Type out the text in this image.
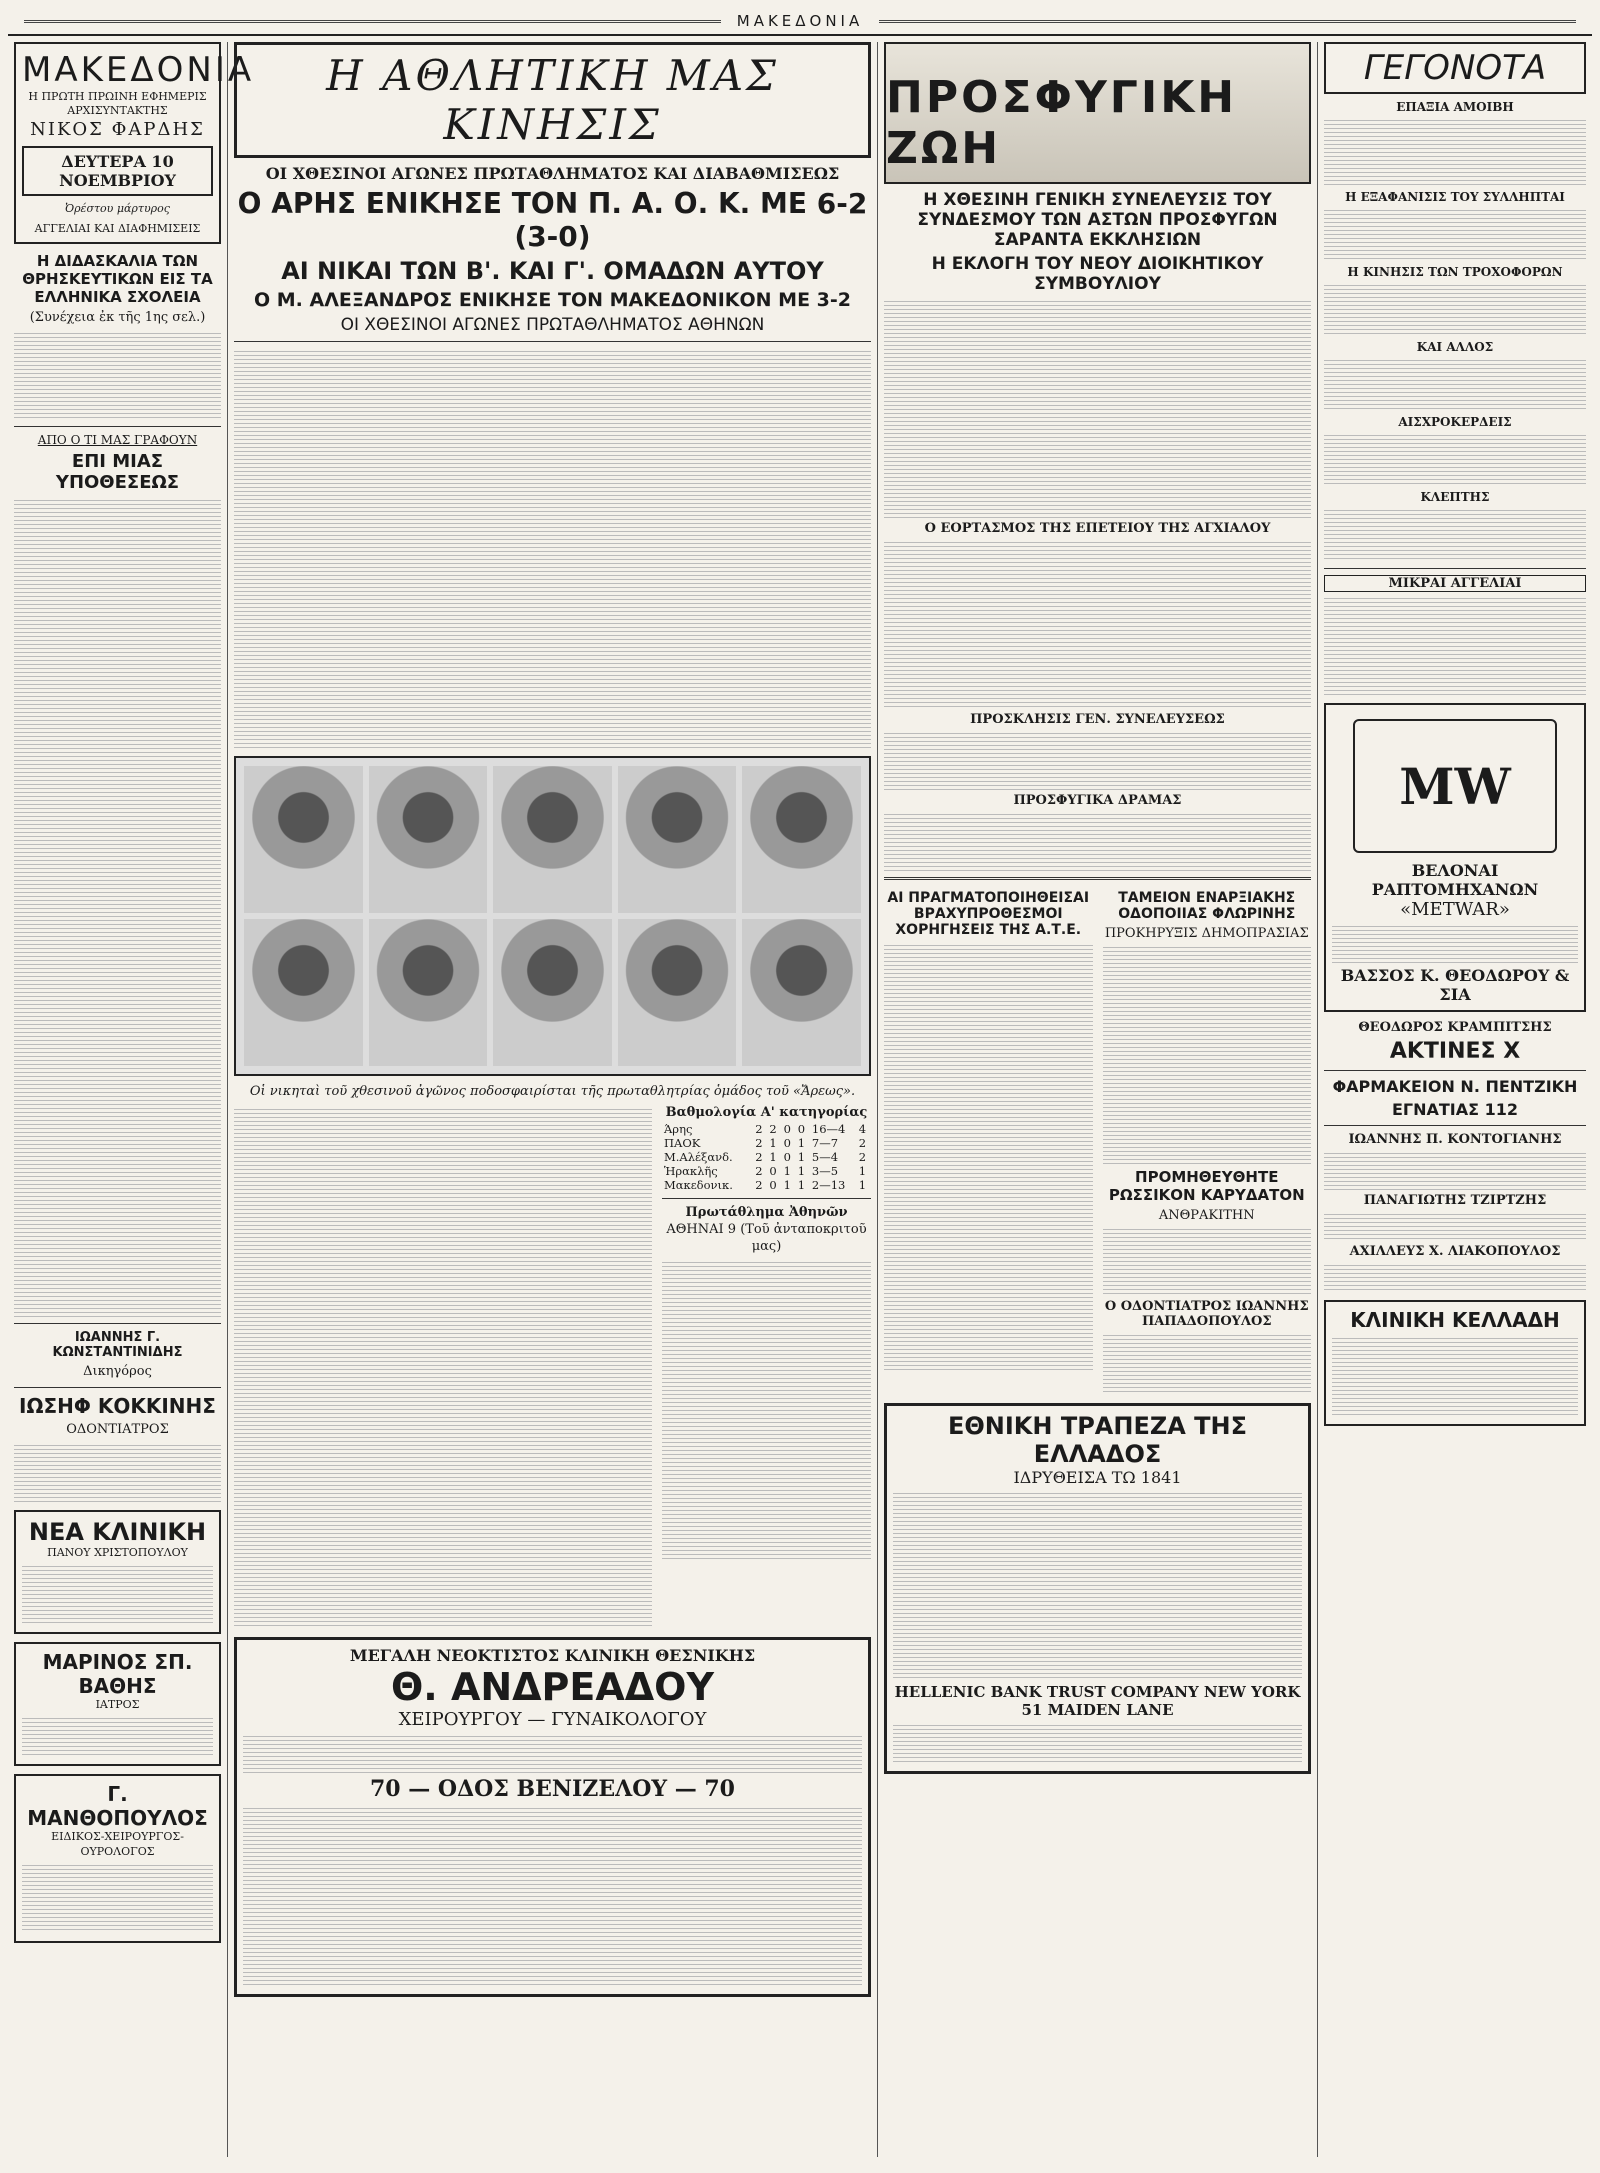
ΜΑΚΕΔΟΝΙΑ
ΜΑΚΕΔΟΝΙΑ
Η ΠΡΩΤΗ ΠΡΩΙΝΗ ΕΦΗΜΕΡΙΣ
ΑΡΧΙΣΥΝΤΑΚΤΗΣ
ΝΙΚΟΣ ΦΑΡΔΗΣ
ΔΕΥΤΕΡΑ 10 ΝΟΕΜΒΡΙΟΥ
Ὀρέστου μάρτυρος
ΑΓΓΕΛΙΑΙ ΚΑΙ ΔΙΑΦΗΜΙΣΕΙΣ
Η ΔΙΔΑΣΚΑΛΙΑ ΤΩΝ ΘΡΗΣΚΕΥΤΙΚΩΝ ΕΙΣ ΤΑ ΕΛΛΗΝΙΚΑ ΣΧΟΛΕΙΑ
(Συνέχεια ἐκ τῆς 1ης σελ.)
ΑΠΟ Ο ΤΙ ΜΑΣ ΓΡΑΦΟΥΝ
ΕΠΙ ΜΙΑΣ ΥΠΟΘΕΣΕΩΣ
ΙΩΑΝΝΗΣ Γ. ΚΩΝΣΤΑΝΤΙΝΙΔΗΣ
Δικηγόρος
ΙΩΣΗΦ ΚΟΚΚΙΝΗΣ
ΟΔΟΝΤΙΑΤΡΟΣ
ΝΕΑ ΚΛΙΝΙΚΗ
ΠΑΝΟΥ ΧΡΙΣΤΟΠΟΥΛΟΥ
ΜΑΡΙΝΟΣ ΣΠ. ΒΑΘΗΣ
ΙΑΤΡΟΣ
Γ. ΜΑΝΘΟΠΟΥΛΟΣ
ΕΙΔΙΚΟΣ-ΧΕΙΡΟΥΡΓΟΣ-ΟΥΡΟΛΟΓΟΣ
Η ΑΘΛΗΤΙΚΗ ΜΑΣ ΚΙΝΗΣΙΣ
ΟΙ ΧΘΕΣΙΝΟΙ ΑΓΩΝΕΣ ΠΡΩΤΑΘΛΗΜΑΤΟΣ ΚΑΙ ΔΙΑΒΑΘΜΙΣΕΩΣ
Ο ΑΡΗΣ ΕΝΙΚΗΣΕ ΤΟΝ Π. Α. Ο. Κ. ΜΕ 6-2 (3-0)
ΑΙ ΝΙΚΑΙ ΤΩΝ Β'. ΚΑΙ Γ'. ΟΜΑΔΩΝ ΑΥΤΟΥ
Ο Μ. ΑΛΕΞΑΝΔΡΟΣ ΕΝΙΚΗΣΕ ΤΟΝ ΜΑΚΕΔΟΝΙΚΟΝ ΜΕ 3-2
ΟΙ ΧΘΕΣΙΝΟΙ ΑΓΩΝΕΣ ΠΡΩΤΑΘΛΗΜΑΤΟΣ ΑΘΗΝΩΝ
Οἱ νικηταὶ τοῦ χθεσινοῦ ἀγῶνος ποδοσφαιρίσται τῆς πρωταθλητρίας ὁμάδος τοῦ «Ἄρεως».
Βαθμολογία Α' κατηγορίας
Άρης	2	2	0	0	16—4	4
ΠΑΟΚ	2	1	0	1	7—7	2
Μ.Αλέξανδ.	2	1	0	1	5—4	2
Ἡρακλῆς	2	0	1	1	3—5	1
Μακεδονικ.	2	0	1	1	2—13	1
Πρωτάθλημα Ἀθηνῶν
ΑΘΗΝΑΙ 9 (Τοῦ ἀνταποκριτοῦ μας)
ΜΕΓΑΛΗ ΝΕΟΚΤΙΣΤΟΣ ΚΛΙΝΙΚΗ ΘΕΣΝΙΚΗΣ
Θ. ΑΝΔΡΕΑΔΟΥ
ΧΕΙΡΟΥΡΓΟΥ — ΓΥΝΑΙΚΟΛΟΓΟΥ
70 — ΟΔΟΣ ΒΕΝΙΖΕΛΟΥ — 70
ΠΡΟΣΦΥΓΙΚΗ ΖΩΗ
Η ΧΘΕΣΙΝΗ ΓΕΝΙΚΗ ΣΥΝΕΛΕΥΣΙΣ ΤΟΥ ΣΥΝΔΕΣΜΟΥ ΤΩΝ ΑΣΤΩΝ ΠΡΟΣΦΥΓΩΝ ΣΑΡΑΝΤΑ ΕΚΚΛΗΣΙΩΝ
Η ΕΚΛΟΓΗ ΤΟΥ ΝΕΟΥ ΔΙΟΙΚΗΤΙΚΟΥ ΣΥΜΒΟΥΛΙΟΥ
Ο ΕΟΡΤΑΣΜΟΣ ΤΗΣ ΕΠΕΤΕΙΟΥ ΤΗΣ ΑΓΧΙΑΛΟΥ
ΠΡΟΣΚΛΗΣΙΣ ΓΕΝ. ΣΥΝΕΛΕΥΣΕΩΣ
ΠΡΟΣΦΥΓΙΚΑ ΔΡΑΜΑΣ
ΑΙ ΠΡΑΓΜΑΤΟΠΟΙΗΘΕΙΣΑΙ ΒΡΑΧΥΠΡΟΘΕΣΜΟΙ ΧΟΡΗΓΗΣΕΙΣ ΤΗΣ Α.Τ.Ε.
ΤΑΜΕΙΟΝ ΕΝΑΡΞΙΑΚΗΣ ΟΔΟΠΟΙΙΑΣ ΦΛΩΡΙΝΗΣ
ΠΡΟΚΗΡΥΞΙΣ ΔΗΜΟΠΡΑΣΙΑΣ
ΠΡΟΜΗΘΕΥΘΗΤΕ ΡΩΣΣΙΚΟΝ ΚΑΡΥΔΑΤΟΝ
ΑΝΘΡΑΚΙΤΗΝ
Ο ΟΔΟΝΤΙΑΤΡΟΣ ΙΩΑΝΝΗΣ ΠΑΠΑΔΟΠΟΥΛΟΣ
ΕΘΝΙΚΗ ΤΡΑΠΕΖΑ ΤΗΣ ΕΛΛΑΔΟΣ
ΙΔΡΥΘΕΙΣΑ ΤΩ 1841
HELLENIC BANK TRUST COMPANY NEW YORK 51 MAIDEN LANE
ΓΕΓΟΝΟΤΑ
ΕΠΑΞΙΑ ΑΜΟΙΒΗ
Η ΕΞΑΦΑΝΙΣΙΣ ΤΟΥ ΣΥΛΛΗΠΤΑΙ
Η ΚΙΝΗΣΙΣ ΤΩΝ ΤΡΟΧΟΦΟΡΩΝ
ΚΑΙ ΑΛΛΟΣ
ΑΙΣΧΡΟΚΕΡΔΕΙΣ
ΚΛΕΠΤΗΣ
ΜΙΚΡΑΙ ΑΓΓΕΛΙΑΙ
MW
ΒΕΛΟΝΑΙ ΡΑΠΤΟΜΗΧΑΝΩΝ
«METWAR»
ΒΑΣΣΟΣ Κ. ΘΕΟΔΩΡΟΥ & ΣΙΑ
ΘΕΟΔΩΡΟΣ ΚΡΑΜΠΙΤΣΗΣ
ΑΚΤΙΝΕΣ Χ
ΦΑΡΜΑΚΕΙΟΝ Ν. ΠΕΝΤΖΙΚΗ
ΕΓΝΑΤΙΑΣ 112
ΙΩΑΝΝΗΣ Π. ΚΟΝΤΟΓΙΑΝΗΣ
ΠΑΝΑΓΙΩΤΗΣ ΤΖΙΡΤΖΗΣ
ΑΧΙΛΛΕΥΣ Χ. ΛΙΑΚΟΠΟΥΛΟΣ
ΚΛΙΝΙΚΗ ΚΕΛΛΑΔΗ
